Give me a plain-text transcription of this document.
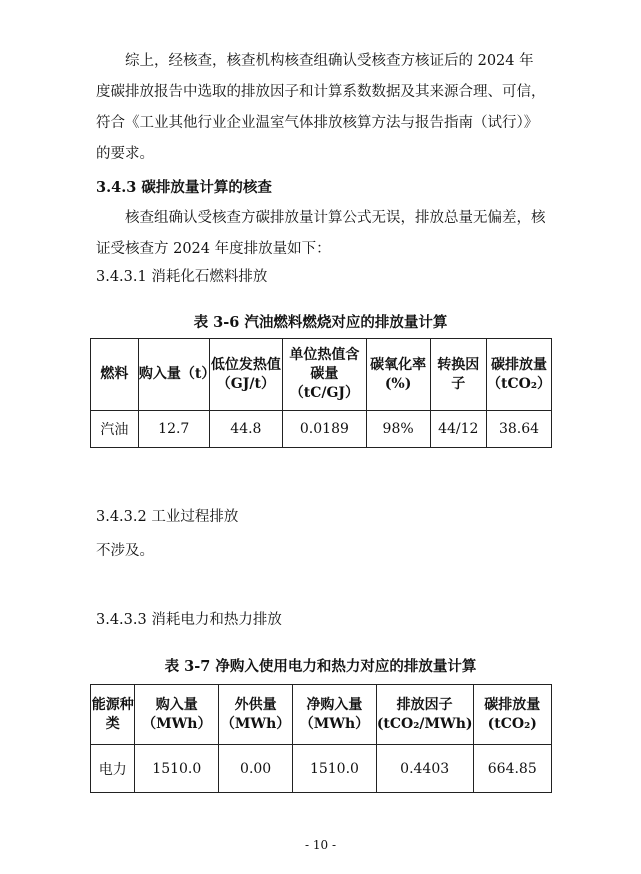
综上，经核查，核查机构核查组确认受核查方核证后的 2024 年度碳排放报告中选取的排放因子和计算系数数据及其来源合理、可信，符合《工业其他行业企业温室气体排放核算方法与报告指南（试行）》的要求。

3.4.3 碳排放量计算的核查

核查组确认受核查方碳排放量计算公式无误，排放总量无偏差，核证受核查方 2024 年度排放量如下：

3.4.3.1 消耗化石燃料排放

表 3-6 汽油燃料燃烧对应的排放量计算

燃料	购入量（t）	低位发热值（GJ/t）	单位热值含碳量（tC/GJ）	碳氧化率(%)	转换因子	碳排放量（tCO₂）
汽油	12.7	44.8	0.0189	98%	44/12	38.64

3.4.3.2 工业过程排放

不涉及。

3.4.3.3 消耗电力和热力排放

表 3-7 净购入使用电力和热力对应的排放量计算

能源种类	购入量（MWh）	外供量（MWh）	净购入量（MWh）	排放因子(tCO₂/MWh)	碳排放量(tCO₂)
电力	1510.0	0.00	1510.0	0.4403	664.85
- 10 -
